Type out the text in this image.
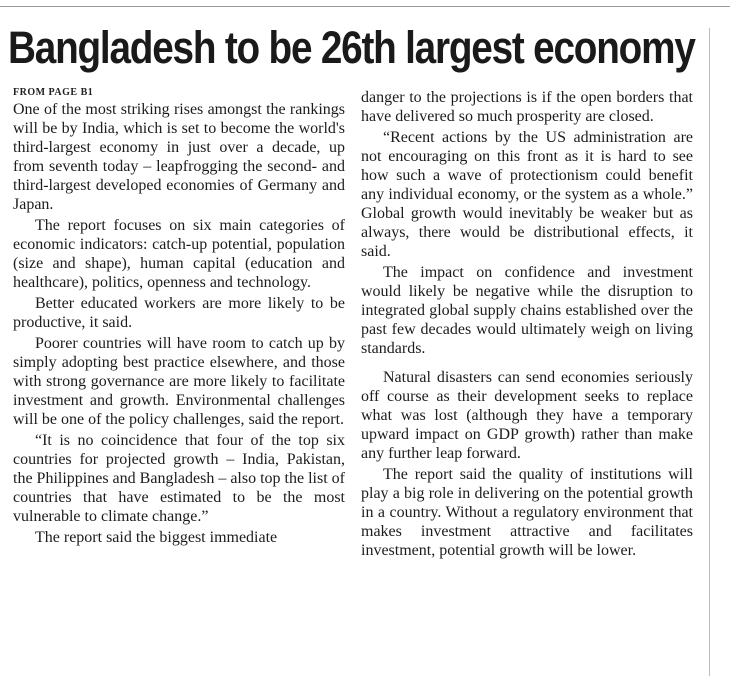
Bangladesh to be 26th largest economy
FROM PAGE B1

One of the most striking rises amongst the rankings will be by India, which is set to become the world's third-largest economy in just over a decade, up from seventh today – leapfrogging the second- and third-largest developed economies of Germany and Japan.

The report focuses on six main categories of economic indicators: catch-up potential, population (size and shape), human capital (education and healthcare), politics, openness and technology.

Better educated workers are more likely to be productive, it said.

Poorer countries will have room to catch up by simply adopting best practice elsewhere, and those with strong governance are more likely to facilitate investment and growth. Environmental challenges will be one of the policy challenges, said the report.

“It is no coincidence that four of the top six countries for projected growth – India, Pakistan, the Philippines and Bangladesh – also top the list of countries that have estimated to be the most vulnerable to climate change.”

The report said the biggest immediate

danger to the projections is if the open borders that have delivered so much prosperity are closed.

“Recent actions by the US administration are not encouraging on this front as it is hard to see how such a wave of protectionism could benefit any individual economy, or the system as a whole.” Global growth would inevitably be weaker but as always, there would be distributional effects, it said.

The impact on confidence and investment would likely be negative while the disruption to integrated global supply chains established over the past few decades would ultimately weigh on living standards.

Natural disasters can send economies seriously off course as their development seeks to replace what was lost (although they have a temporary upward impact on GDP growth) rather than make any further leap forward.

The report said the quality of institutions will play a big role in delivering on the potential growth in a country. Without a regulatory environment that makes investment attractive and facilitates investment, potential growth will be lower.
